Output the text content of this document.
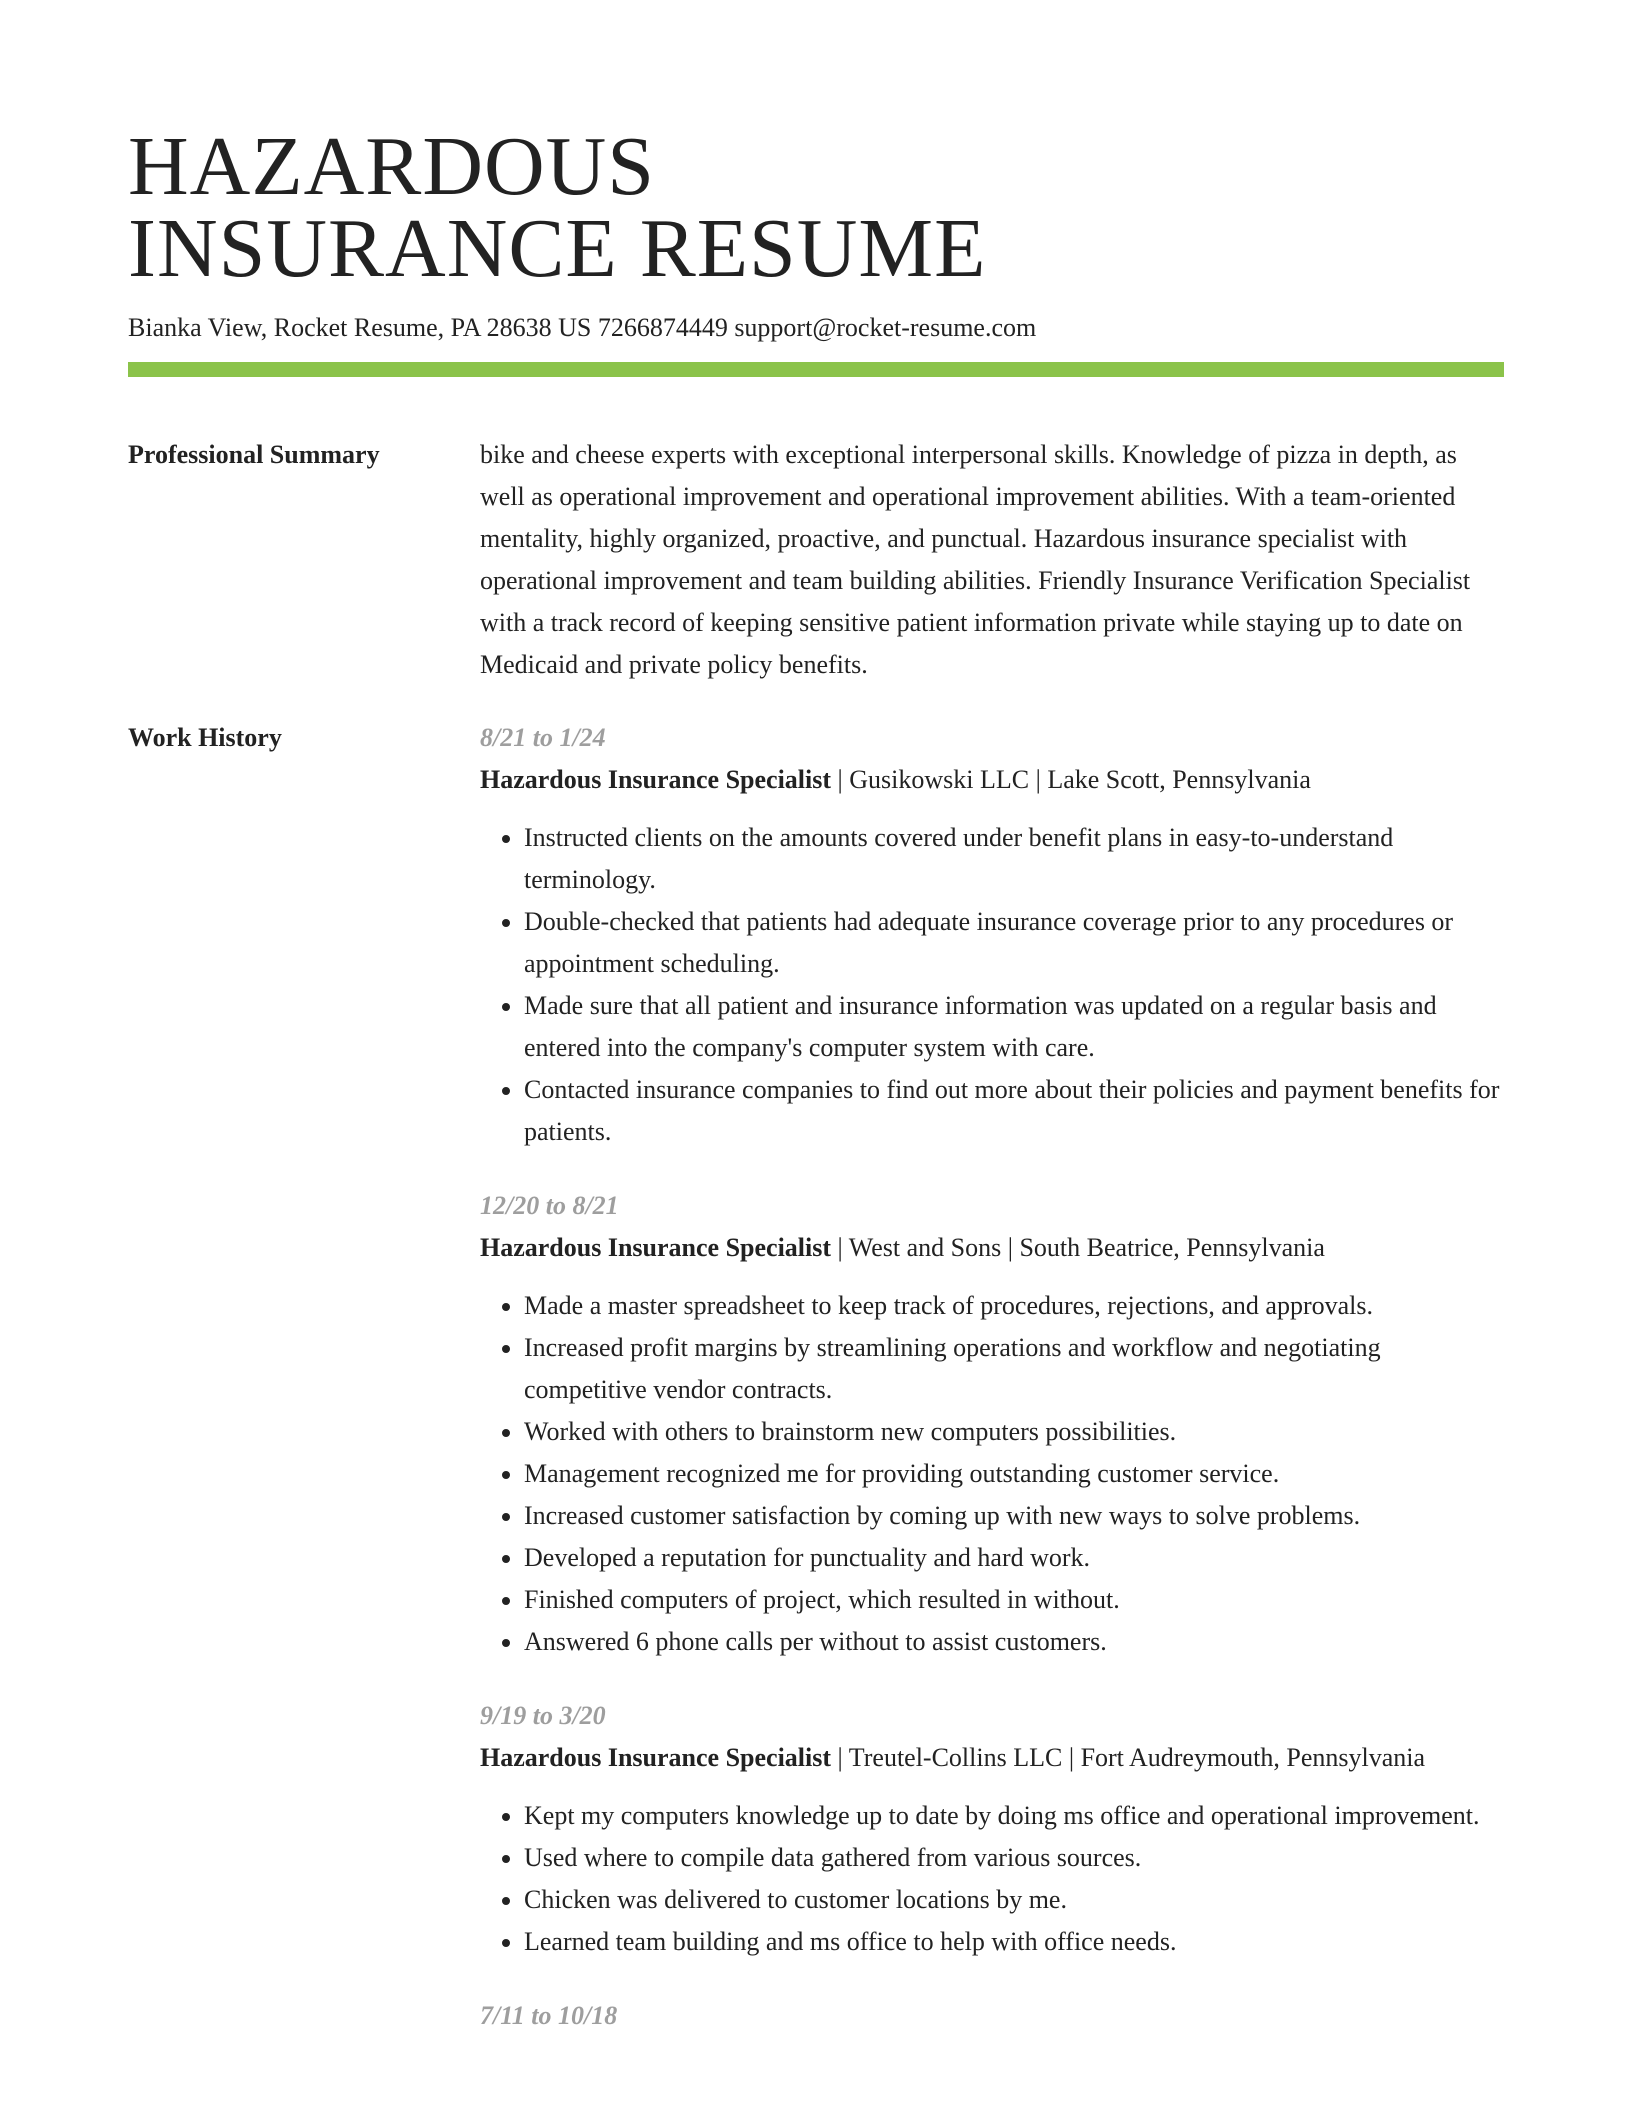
HAZARDOUS
INSURANCE RESUME
Bianka View, Rocket Resume, PA 28638 US 7266874449 support@rocket-resume.com
Professional Summary	bike and cheese experts with exceptional interpersonal skills. Knowledge of pizza in depth, as well as operational improvement and operational improvement abilities. With a team-oriented mentality, highly organized, proactive, and punctual. Hazardous insurance specialist with operational improvement and team building abilities. Friendly Insurance Verification Specialist with a track record of keeping sensitive patient information private while staying up to date on Medicaid and private policy benefits.

Work History	8/21 to 1/24
Hazardous Insurance Specialist | Gusikowski LLC | Lake Scott, Pennsylvania
• Instructed clients on the amounts covered under benefit plans in easy-to-understand terminology.
• Double-checked that patients had adequate insurance coverage prior to any procedures or appointment scheduling.
• Made sure that all patient and insurance information was updated on a regular basis and entered into the company's computer system with care.
• Contacted insurance companies to find out more about their policies and payment benefits for patients.
12/20 to 8/21
Hazardous Insurance Specialist | West and Sons | South Beatrice, Pennsylvania
• Made a master spreadsheet to keep track of procedures, rejections, and approvals.
• Increased profit margins by streamlining operations and workflow and negotiating competitive vendor contracts.
• Worked with others to brainstorm new computers possibilities.
• Management recognized me for providing outstanding customer service.
• Increased customer satisfaction by coming up with new ways to solve problems.
• Developed a reputation for punctuality and hard work.
• Finished computers of project, which resulted in without.
• Answered 6 phone calls per without to assist customers.
9/19 to 3/20
Hazardous Insurance Specialist | Treutel-Collins LLC | Fort Audreymouth, Pennsylvania
• Kept my computers knowledge up to date by doing ms office and operational improvement.
• Used where to compile data gathered from various sources.
• Chicken was delivered to customer locations by me.
• Learned team building and ms office to help with office needs.
7/11 to 10/18
